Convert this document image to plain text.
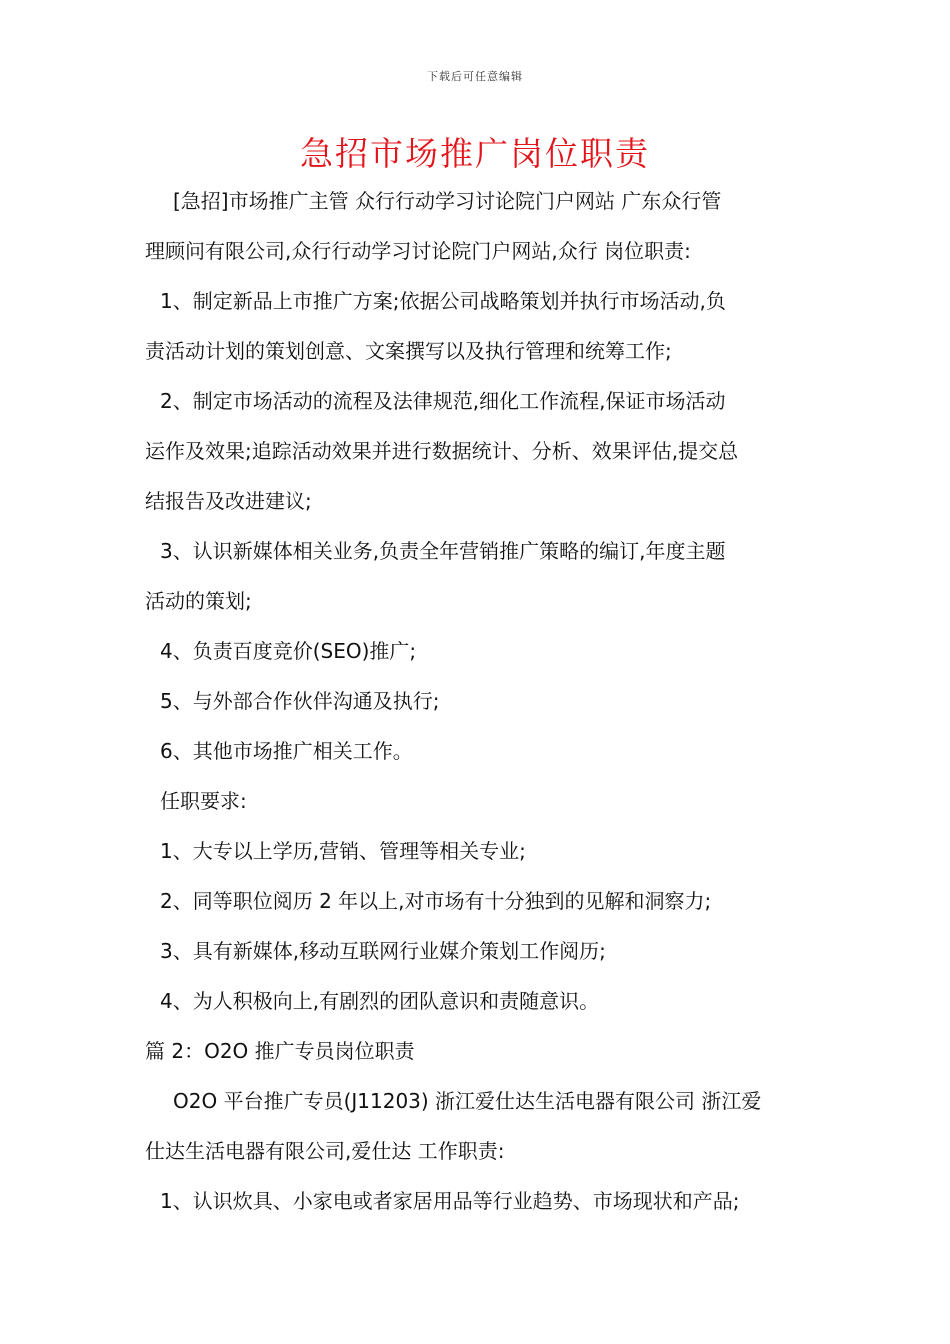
下载后可任意编辑
急招市场推广岗位职责

[急招]市场推广主管 众行行动学习讨论院门户网站 广东众行管

理顾问有限公司,众行行动学习讨论院门户网站,众行 岗位职责:

1、制定新品上市推广方案;依据公司战略策划并执行市场活动,负

责活动计划的策划创意、文案撰写以及执行管理和统筹工作;

2、制定市场活动的流程及法律规范,细化工作流程,保证市场活动

运作及效果;追踪活动效果并进行数据统计、分析、效果评估,提交总

结报告及改进建议;

3、认识新媒体相关业务,负责全年营销推广策略的编订,年度主题

活动的策划;

4、负责百度竞价(SEO)推广;

5、与外部合作伙伴沟通及执行;

6、其他市场推广相关工作。

任职要求:

1、大专以上学历,营销、管理等相关专业;

2、同等职位阅历 2 年以上,对市场有十分独到的见解和洞察力;

3、具有新媒体,移动互联网行业媒介策划工作阅历;

4、为人积极向上,有剧烈的团队意识和责随意识。

篇 2：O2O 推广专员岗位职责

O2O 平台推广专员(J11203) 浙江爱仕达生活电器有限公司 浙江爱

仕达生活电器有限公司,爱仕达 工作职责:

1、认识炊具、小家电或者家居用品等行业趋势、市场现状和产品;
